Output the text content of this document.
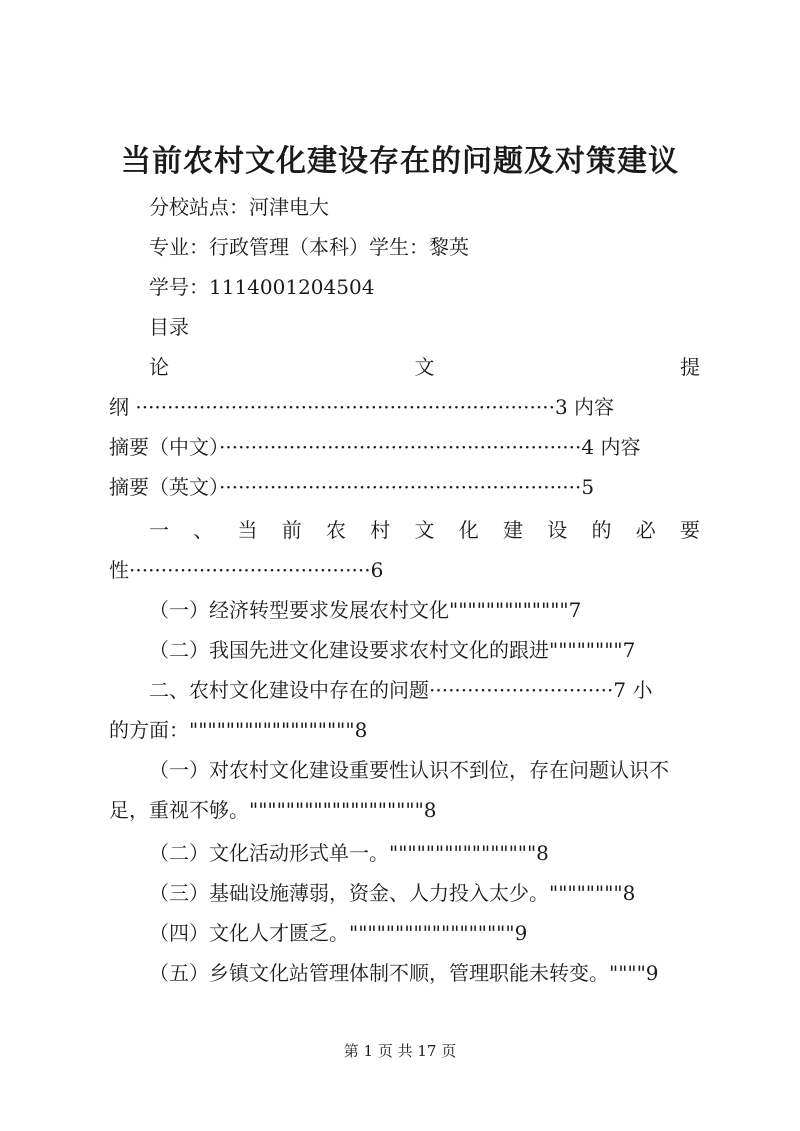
当前农村文化建设存在的问题及对策建议
分校站点：河津电大
专业：行政管理（本科）学生：黎英
学号：1114001204504
目录
论	文	提
纲 ··································································3 内容
摘要（中文）·························································4 内容
摘要（英文）·························································5
一 、 当 前 农 村 文 化 建 设 的 必 要
性······································6
（一）经济转型要求发展农村文化"""""""""""""7
（二）我国先进文化建设要求农村文化的跟进""""""""7
二、农村文化建设中存在的问题·····························7 小
的方面：""""""""""""""""""8
（一）对农村文化建设重要性认识不到位，存在问题认识不
足，重视不够。"""""""""""""""""""8
（二）文化活动形式单一。""""""""""""""""8
（三）基础设施薄弱，资金、人力投入太少。""""""""8
（四）文化人才匮乏。""""""""""""""""""9
（五）乡镇文化站管理体制不顺，管理职能未转变。""""9
第 1 页 共 17 页
